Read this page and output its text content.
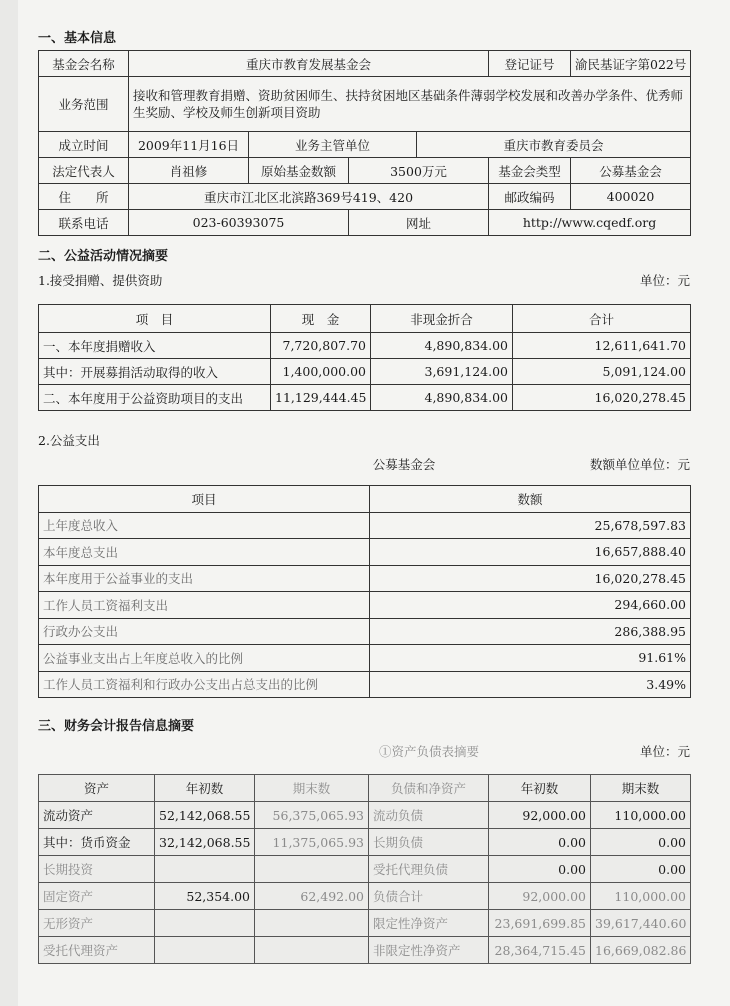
一、基本信息
基金会名称	重庆市教育发展基金会				登记证号	渝民基证字第022号
业务范围	接收和管理教育捐赠、资助贫困师生、扶持贫困地区基础条件薄弱学校发展和改善办学条件、优秀师生奖励、学校及师生创新项目资助					
成立时间	2009年11月16日	业务主管单位		重庆市教育委员会		
法定代表人	肖祖修	原始基金数额	3500万元		基金会类型	公募基金会
住　　所	重庆市江北区北滨路369号419、420				邮政编码	400020
联系电话	023-60393075		网址		http://www.cqedf.org	
二、公益活动情况摘要
1.接受捐赠、提供资助	单位：元
项　目	现　金	非现金折合	合计
一、本年度捐赠收入	7,720,807.70	4,890,834.00	12,611,641.70
其中：开展募捐活动取得的收入	1,400,000.00	3,691,124.00	5,091,124.00
二、本年度用于公益资助项目的支出	11,129,444.45	4,890,834.00	16,020,278.45
2.公益支出
公募基金会	数额单位单位：元
项目	数额
上年度总收入	25,678,597.83
本年度总支出	16,657,888.40
本年度用于公益事业的支出	16,020,278.45
工作人员工资福利支出	294,660.00
行政办公支出	286,388.95
公益事业支出占上年度总收入的比例	91.61%
工作人员工资福利和行政办公支出占总支出的比例	3.49%
三、财务会计报告信息摘要
①资产负债表摘要	单位：元
资产	年初数	期末数	负债和净资产	年初数	期末数
流动资产	52,142,068.55	56,375,065.93	流动负债	92,000.00	110,000.00
其中：货币资金	32,142,068.55	11,375,065.93	长期负债	0.00	0.00
长期投资			受托代理负债	0.00	0.00
固定资产	52,354.00	62,492.00	负债合计	92,000.00	110,000.00
无形资产			限定性净资产	23,691,699.85	39,617,440.60
受托代理资产			非限定性净资产	28,364,715.45	16,669,082.86
